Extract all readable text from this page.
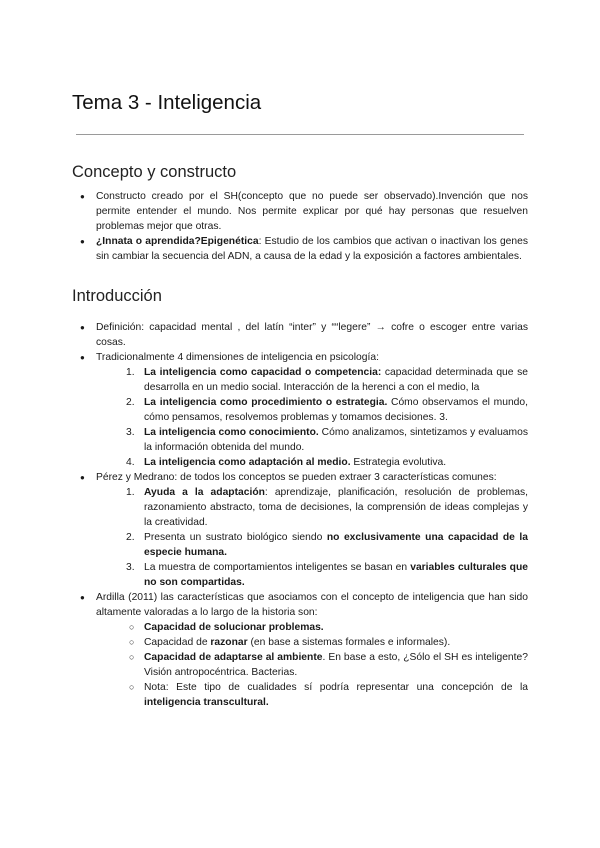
Tema 3 - Inteligencia
Concepto y constructo
● Constructo creado por el SH(concepto que no puede ser observado).Invención que nos permite entender el mundo. Nos permite explicar por qué hay personas que resuelven problemas mejor que otras.
● ¿Innata o aprendida?Epigenética: Estudio de los cambios que activan o inactivan los genes sin cambiar la secuencia del ADN, a causa de la edad y la exposición a factores ambientales.
Introducción
● Definición: capacidad mental , del latín “inter” y ““legere” → cofre o escoger entre varias cosas.
● Tradicionalmente 4 dimensiones de inteligencia en psicología:
1. La inteligencia como capacidad o competencia: capacidad determinada que se desarrolla en un medio social. Interacción de la herenci a con el medio, la
2. La inteligencia como procedimiento o estrategia. Cómo observamos el mundo, cómo pensamos, resolvemos problemas y tomamos decisiones. 3.
3. La inteligencia como conocimiento. Cómo analizamos, sintetizamos y evaluamos la información obtenida del mundo.
4. La inteligencia como adaptación al medio. Estrategia evolutiva.
● Pérez y Medrano: de todos los conceptos se pueden extraer 3 características comunes:
1. Ayuda a la adaptación: aprendizaje, planificación, resolución de problemas, razonamiento abstracto, toma de decisiones, la comprensión de ideas complejas y la creatividad.
2. Presenta un sustrato biológico siendo no exclusivamente una capacidad de la especie humana.
3. La muestra de comportamientos inteligentes se basan en variables culturales que no son compartidas.
● Ardilla (2011) las características que asociamos con el concepto de inteligencia que han sido altamente valoradas a lo largo de la historia son:
○ Capacidad de solucionar problemas.
○ Capacidad de razonar (en base a sistemas formales e informales).
○ Capacidad de adaptarse al ambiente. En base a esto, ¿Sólo el SH es inteligente? Visión antropocéntrica. Bacterias.
○ Nota: Este tipo de cualidades sí podría representar una concepción de la inteligencia transcultural.
